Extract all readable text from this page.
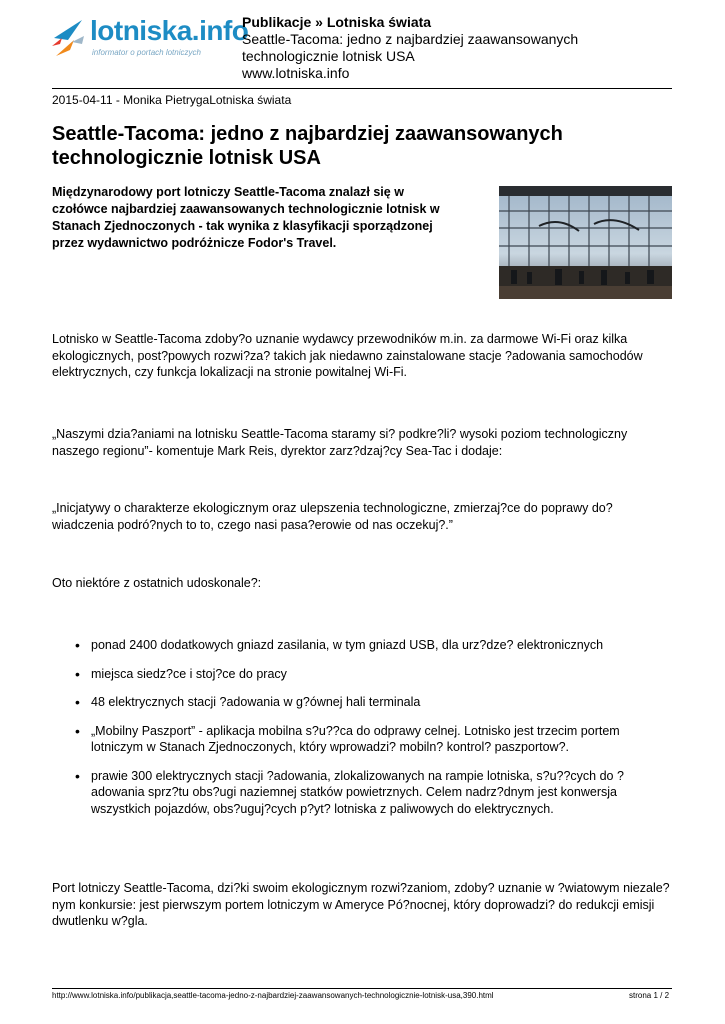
lotniska.info
informator o portach lotniczych
Publikacje » Lotniska świata
Seattle-Tacoma: jedno z najbardziej zaawansowanych technologicznie lotnisk USA
www.lotniska.info
2015-04-11 - Monika PietrygaLotniska świata
Seattle-Tacoma: jedno z najbardziej zaawansowanych technologicznie lotnisk USA

Międzynarodowy port lotniczy Seattle-Tacoma znalazł się w czołówce najbardziej zaawansowanych technologicznie lotnisk w Stanach Zjednoczonych - tak wynika z klasyfikacji sporządzonej przez wydawnictwo podróżnicze Fodor's Travel.

Lotnisko w Seattle-Tacoma zdoby?o uznanie wydawcy przewodników m.in. za darmowe Wi-Fi oraz kilka ekologicznych, post?powych rozwi?za? takich jak niedawno zainstalowane stacje ?adowania samochodów elektrycznych, czy funkcja lokalizacji na stronie powitalnej Wi-Fi.

„Naszymi dzia?aniami na lotnisku Seattle-Tacoma staramy si? podkre?li? wysoki poziom technologiczny naszego regionu”- komentuje Mark Reis, dyrektor zarz?dzaj?cy Sea-Tac i dodaje:

„Inicjatywy o charakterze ekologicznym oraz ulepszenia technologiczne, zmierzaj?ce do poprawy do?wiadczenia podró?nych to to, czego nasi pasa?erowie od nas oczekuj?.”

Oto niektóre z ostatnich udoskonale?:

• ponad 2400 dodatkowych gniazd zasilania, w tym gniazd USB, dla urz?dze? elektronicznych
• miejsca siedz?ce i stoj?ce do pracy
• 48 elektrycznych stacji ?adowania w g?ównej hali terminala
• „Mobilny Paszport” - aplikacja mobilna s?u??ca do odprawy celnej. Lotnisko jest trzecim portem lotniczym w Stanach Zjednoczonych, który wprowadzi? mobiln? kontrol? paszportow?.
• prawie 300 elektrycznych stacji ?adowania, zlokalizowanych na rampie lotniska, s?u??cych do ?adowania sprz?tu obs?ugi naziemnej statków powietrznych. Celem nadrz?dnym jest konwersja wszystkich pojazdów, obs?uguj?cych p?yt? lotniska z paliwowych do elektrycznych.

Port lotniczy Seattle-Tacoma, dzi?ki swoim ekologicznym rozwi?zaniom, zdoby? uznanie w ?wiatowym niezale?nym konkursie: jest pierwszym portem lotniczym w Ameryce Pó?nocnej, który doprowadzi? do redukcji emisji dwutlenku w?gla.

http://www.lotniska.info/publikacja,seattle-tacoma-jedno-z-najbardziej-zaawansowanych-technologicznie-lotnisk-usa,390.html	strona 1 / 2
